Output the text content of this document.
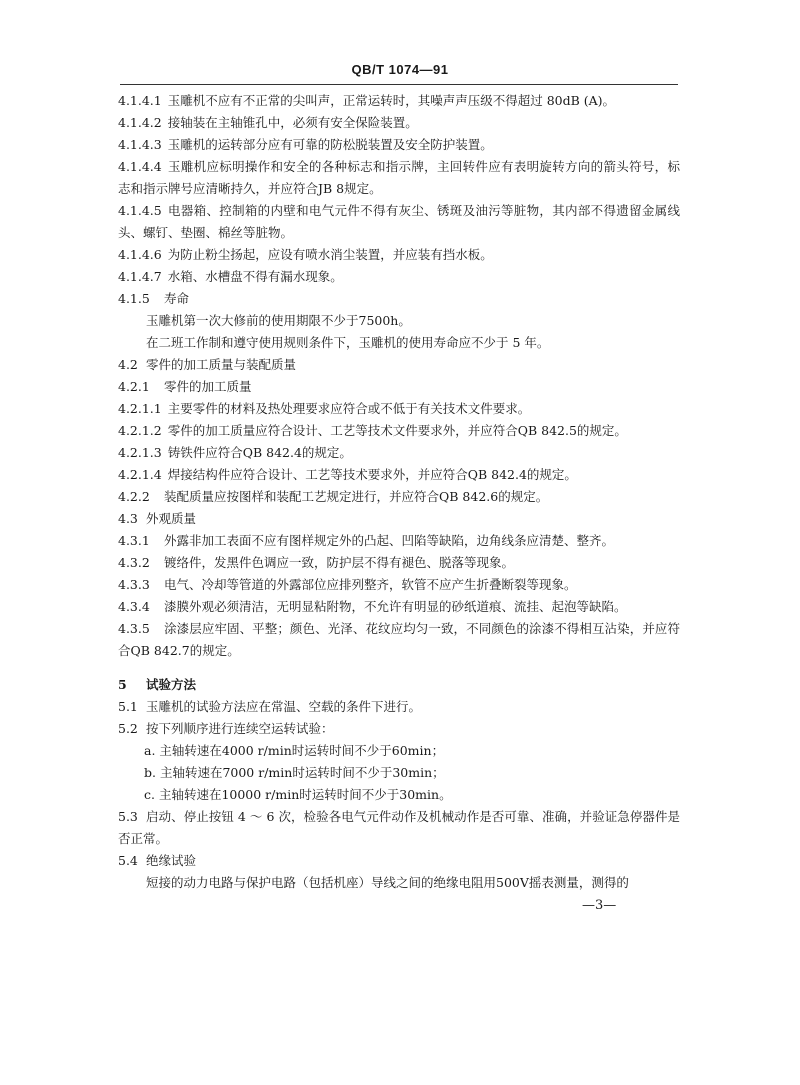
QB/T 1074—91
4.1.4.1 玉雕机不应有不正常的尖叫声，正常运转时，其噪声声压级不得超过 80dB (A)。
4.1.4.2 接轴装在主轴锥孔中，必须有安全保险装置。
4.1.4.3 玉雕机的运转部分应有可靠的防松脱装置及安全防护装置。
4.1.4.4 玉雕机应标明操作和安全的各种标志和指示牌，主回转件应有表明旋转方向的箭头符号，标志和指示牌号应清晰持久，并应符合JB 8规定。
4.1.4.5 电器箱、控制箱的内壁和电气元件不得有灰尘、锈斑及油污等脏物，其内部不得遗留金属线头、螺钉、垫圈、棉丝等脏物。
4.1.4.6 为防止粉尘扬起，应设有喷水消尘装置，并应装有挡水板。
4.1.4.7 水箱、水槽盘不得有漏水现象。
4.1.5 寿命
玉雕机第一次大修前的使用期限不少于7500h。
在二班工作制和遵守使用规则条件下，玉雕机的使用寿命应不少于 5 年。
4.2 零件的加工质量与装配质量
4.2.1 零件的加工质量
4.2.1.1 主要零件的材料及热处理要求应符合或不低于有关技术文件要求。
4.2.1.2 零件的加工质量应符合设计、工艺等技术文件要求外，并应符合QB 842.5的规定。
4.2.1.3 铸铁件应符合QB 842.4的规定。
4.2.1.4 焊接结构件应符合设计、工艺等技术要求外，并应符合QB 842.4的规定。
4.2.2 装配质量应按图样和装配工艺规定进行，并应符合QB 842.6的规定。
4.3 外观质量
4.3.1 外露非加工表面不应有图样规定外的凸起、凹陷等缺陷，边角线条应清楚、整齐。
4.3.2 镀络件，发黑件色调应一致，防护层不得有褪色、脱落等现象。
4.3.3 电气、冷却等管道的外露部位应排列整齐，软管不应产生折叠断裂等现象。
4.3.4 漆膜外观必须清洁，无明显粘附物，不允许有明显的砂纸道痕、流挂、起泡等缺陷。
4.3.5 涂漆层应牢固、平整；颜色、光泽、花纹应均匀一致，不同颜色的涂漆不得相互沾染，并应符合QB 842.7的规定。
5 试验方法
5.1 玉雕机的试验方法应在常温、空载的条件下进行。
5.2 按下列顺序进行连续空运转试验：
a. 主轴转速在4000 r/min时运转时间不少于60min；
b. 主轴转速在7000 r/min时运转时间不少于30min；
c. 主轴转速在10000 r/min时运转时间不少于30min。
5.3 启动、停止按钮 4 ～ 6 次，检验各电气元件动作及机械动作是否可靠、准确，并验证急停器件是否正常。
5.4 绝缘试验
短接的动力电路与保护电路（包括机座）导线之间的绝缘电阻用500V摇表测量，测得的
—3—
